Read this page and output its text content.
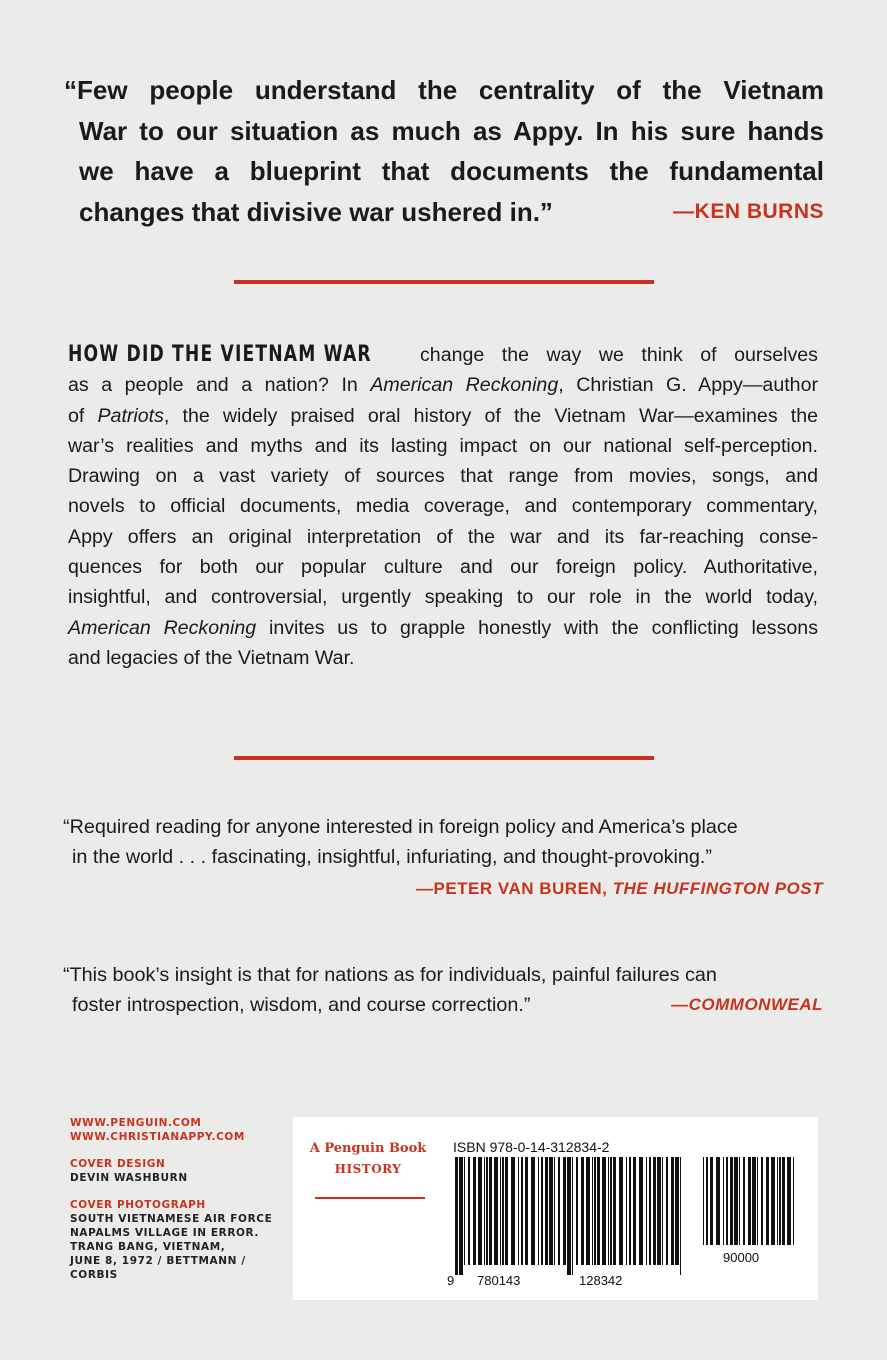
“Few people understand the centrality of the Vietnam
War to our situation as much as Appy. In his sure hands
we have a blueprint that documents the fundamental
changes that divisive war ushered in.”	—KEN BURNS
HOW DID THE VIETNAM WAR change the way we think of ourselves
as a people and a nation? In American Reckoning, Christian G. Appy—author
of Patriots, the widely praised oral history of the Vietnam War—examines the
war’s realities and myths and its lasting impact on our national self-perception.
Drawing on a vast variety of sources that range from movies, songs, and
novels to official documents, media coverage, and contemporary commentary,
Appy offers an original interpretation of the war and its far-reaching conse-
quences for both our popular culture and our foreign policy. Authoritative,
insightful, and controversial, urgently speaking to our role in the world today,
American Reckoning invites us to grapple honestly with the conflicting lessons
and legacies of the Vietnam War.
“Required reading for anyone interested in foreign policy and America’s place
in the world . . . fascinating, insightful, infuriating, and thought-provoking.”
—PETER VAN BUREN, THE HUFFINGTON POST
“This book’s insight is that for nations as for individuals, painful failures can
foster introspection, wisdom, and course correction.”	—COMMONWEAL
WWW.PENGUIN.COM
WWW.CHRISTIANAPPY.COM
COVER DESIGN
DEVIN WASHBURN
COVER PHOTOGRAPH
SOUTH VIETNAMESE AIR FORCE
NAPALMS VILLAGE IN ERROR.
TRANG BANG, VIETNAM,
JUNE 8, 1972 / BETTMANN /
CORBIS
A Penguin Book
HISTORY
ISBN 978-0-14-312834-2
9 780143	128342
90000
